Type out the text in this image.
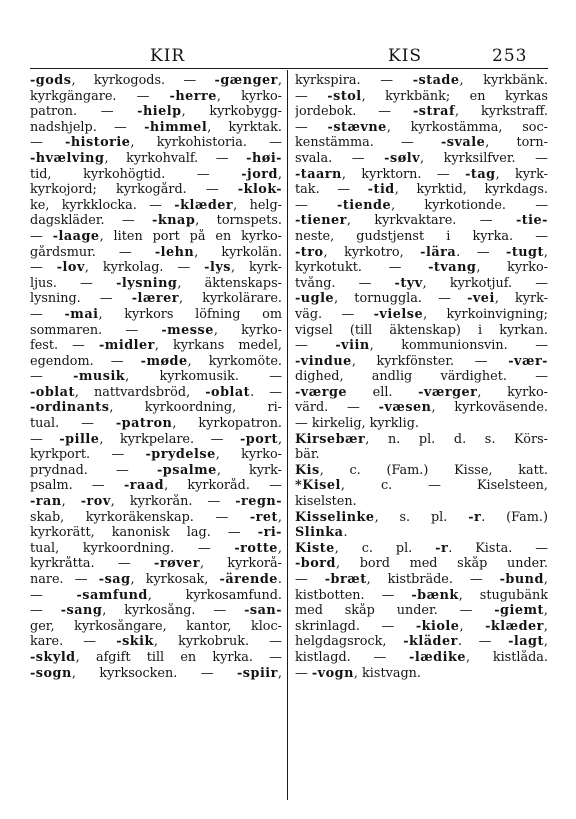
KIR	KIS	253
-gods, kyrkogods. — -gænger,
kyrkgängare. — -herre, kyrko-
patron. — -hielp, kyrkobygg-
nadshjelp. — -himmel, kyrktak.
— -historie, kyrkohistoria. —
-hvælving, kyrkohvalf. — -høi-
tid, kyrkohögtid. — -jord,
kyrkojord; kyrkogård. — -klok-
ke, kyrkklocka. — -klæder, helg-
dagskläder. — -knap, tornspets.
— -laage, liten port på en kyrko-
gårdsmur. — -lehn, kyrkolän.
— -lov, kyrkolag. — -lys, kyrk-
ljus. — -lysning, äktenskaps-
lysning. — -lærer, kyrkolärare.
— -mai, kyrkors löfning om
sommaren. — -messe, kyrko-
fest. — -midler, kyrkans medel,
egendom. — -møde, kyrkomöte.
— -musik, kyrkomusik. —
-oblat, nattvardsbröd, -oblat. —
-ordinants, kyrkoordning, ri-
tual. — -patron, kyrkopatron.
— -pille, kyrkpelare. — -port,
kyrkport. — -prydelse, kyrko-
prydnad. — -psalme, kyrk-
psalm. — -raad, kyrkoråd. —
-ran, -rov, kyrkorån. — -regn-
skab, kyrkoräkenskap. — -ret,
kyrkorätt, kanonisk lag. — -ri-
tual, kyrkoordning. — -rotte,
kyrkråtta. — -røver, kyrkorå-
nare. — -sag, kyrkosak, -ärende.
— -samfund, kyrkosamfund.
— -sang, kyrkosång. — -san-
ger, kyrkosångare, kantor, kloc-
kare. — -skik, kyrkobruk. —
-skyld, afgift till en kyrka. —
-sogn, kyrksocken. — -spiir,
kyrkspira. — -stade, kyrkbänk.
— -stol, kyrkbänk; en kyrkas
jordebok. — -straf, kyrkstraff.
— -stævne, kyrkostämma, soc-
kenstämma. — -svale, torn-
svala. — -sølv, kyrksilfver. —
-taarn, kyrktorn. — -tag, kyrk-
tak. — -tid, kyrktid, kyrkdags.
— -tiende, kyrkotionde. —
-tiener, kyrkvaktare. — -tie-
neste, gudstjenst i kyrka. —
-tro, kyrkotro, -lära. — -tugt,
kyrkotukt. — -tvang, kyrko-
tvång. — -tyv, kyrkotjuf. —
-ugle, tornuggla. — -vei, kyrk-
väg. — -vielse, kyrkoinvigning;
vigsel (till äktenskap) i kyrkan.
— -viin, kommunionsvin. —
-vindue, kyrkfönster. — -vær-
dighed, andlig värdighet. —
-værge ell. -værger, kyrko-
värd. — -væsen, kyrkoväsende.
— kirkelig, kyrklig.
Kirsebær, n. pl. d. s. Körs-
bär.
Kis, c. (Fam.) Kisse, katt.
*Kisel, c. — Kiselsteen,
kiselsten.
Kisselinke, s. pl. -r. (Fam.)
Slinka.
Kiste, c. pl. -r. Kista. —
-bord, bord med skåp under.
— -bræt, kistbräde. — -bund,
kistbotten. — -bænk, stugubänk
med skåp under. — -giemt,
skrinlagd. — -kiole, -klæder,
helgdagsrock, -kläder. — -lagt,
kistlagd. — -lædike, kistlåda.
— -vogn, kistvagn.
